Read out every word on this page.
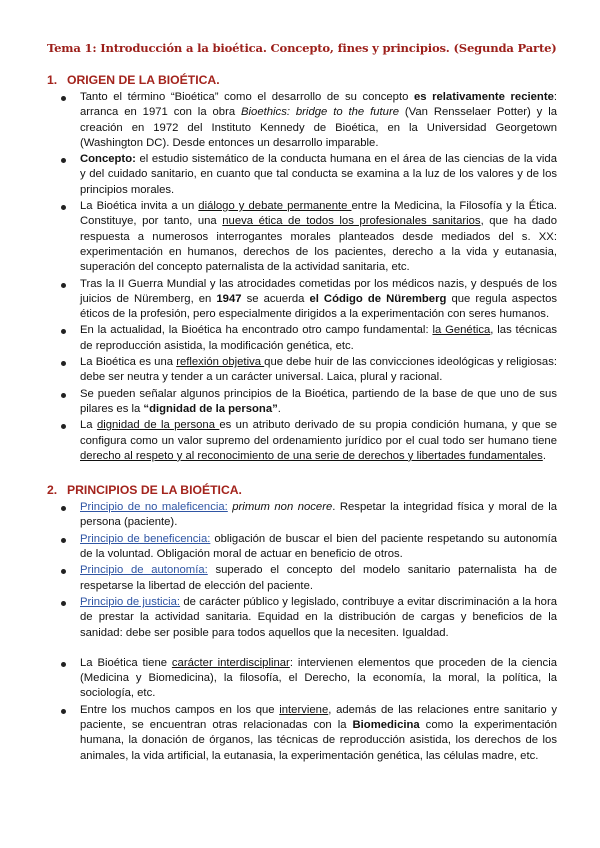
Tema 1: Introducción a la bioética. Concepto, fines y principios. (Segunda Parte)
1. ORIGEN DE LA BIOÉTICA.
Tanto el término “Bioética” como el desarrollo de su concepto es relativamente reciente: arranca en 1971 con la obra Bioethics: bridge to the future (Van Rensselaer Potter) y la creación en 1972 del Instituto Kennedy de Bioética, en la Universidad Georgetown (Washington DC). Desde entonces un desarrollo imparable.
Concepto: el estudio sistemático de la conducta humana en el área de las ciencias de la vida y del cuidado sanitario, en cuanto que tal conducta se examina a la luz de los valores y de los principios morales.
La Bioética invita a un diálogo y debate permanente entre la Medicina, la Filosofía y la Ética. Constituye, por tanto, una nueva ética de todos los profesionales sanitarios, que ha dado respuesta a numerosos interrogantes morales planteados desde mediados del s. XX: experimentación en humanos, derechos de los pacientes, derecho a la vida y eutanasia, superación del concepto paternalista de la actividad sanitaria, etc.
Tras la II Guerra Mundial y las atrocidades cometidas por los médicos nazis, y después de los juicios de Nüremberg, en 1947 se acuerda el Código de Nüremberg que regula aspectos éticos de la profesión, pero especialmente dirigidos a la experimentación con seres humanos.
En la actualidad, la Bioética ha encontrado otro campo fundamental: la Genética, las técnicas de reproducción asistida, la modificación genética, etc.
La Bioética es una reflexión objetiva que debe huir de las convicciones ideológicas y religiosas: debe ser neutra y tender a un carácter universal. Laica, plural y racional.
Se pueden señalar algunos principios de la Bioética, partiendo de la base de que uno de sus pilares es la “dignidad de la persona”.
La dignidad de la persona es un atributo derivado de su propia condición humana, y que se configura como un valor supremo del ordenamiento jurídico por el cual todo ser humano tiene derecho al respeto y al reconocimiento de una serie de derechos y libertades fundamentales.
2. PRINCIPIOS DE LA BIOÉTICA.
Principio de no maleficencia: primum non nocere. Respetar la integridad física y moral de la persona (paciente).
Principio de beneficencia: obligación de buscar el bien del paciente respetando su autonomía de la voluntad. Obligación moral de actuar en beneficio de otros.
Principio de autonomía: superado el concepto del modelo sanitario paternalista ha de respetarse la libertad de elección del paciente.
Principio de justicia: de carácter público y legislado, contribuye a evitar discriminación a la hora de prestar la actividad sanitaria. Equidad en la distribución de cargas y beneficios de la sanidad: debe ser posible para todos aquellos que la necesiten. Igualdad.
La Bioética tiene carácter interdisciplinar: intervienen elementos que proceden de la ciencia (Medicina y Biomedicina), la filosofía, el Derecho, la economía, la moral, la política, la sociología, etc.
Entre los muchos campos en los que interviene, además de las relaciones entre sanitario y paciente, se encuentran otras relacionadas con la Biomedicina como la experimentación humana, la donación de órganos, las técnicas de reproducción asistida, los derechos de los animales, la vida artificial, la eutanasia, la experimentación genética, las células madre, etc.
